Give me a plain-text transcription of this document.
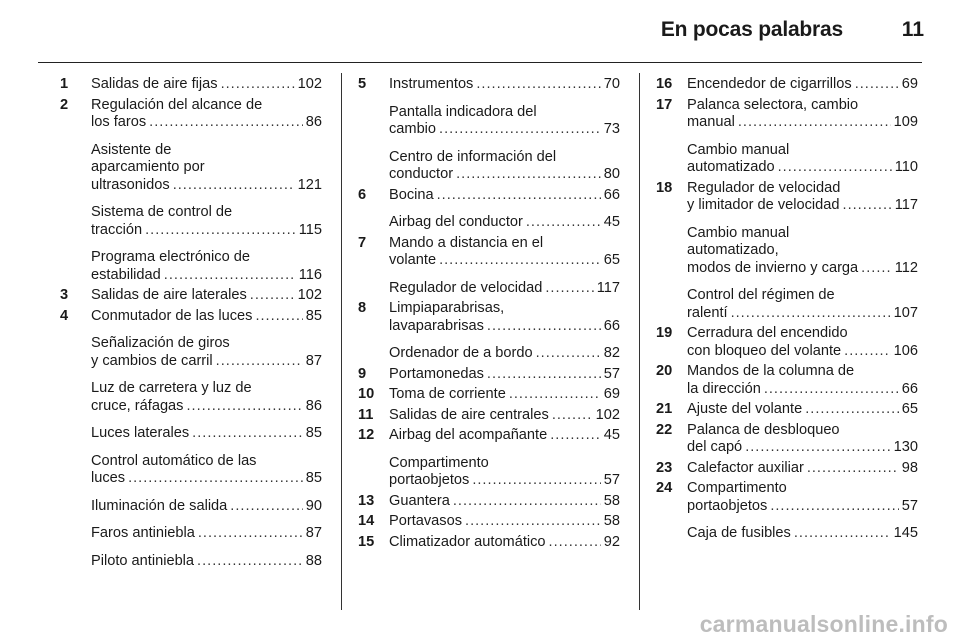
En pocas palabras	11
1 Salidas de aire fijas .....	102
2 Regulación del alcance de
los faros .....	86
Asistente de
aparcamiento por
ultrasonidos .....	121
Sistema de control de
tracción .....	115
Programa electrónico de
estabilidad .....	116
3 Salidas de aire laterales .....	102
4 Conmutador de las luces .....	85
Señalización de giros
y cambios de carril .....	87
Luz de carretera y luz de
cruce, ráfagas .....	86
Luces laterales .....	85
Control automático de las
luces .....	85
Iluminación de salida .....	90
Faros antiniebla .....	87
Piloto antiniebla .....	88
5 Instrumentos .....	70
Pantalla indicadora del
cambio .....	73
Centro de información del
conductor .....	80
6 Bocina .....	66
Airbag del conductor .....	45
7 Mando a distancia en el
volante .....	65
Regulador de velocidad .....	117
8 Limpiaparabrisas,
lavaparabrisas .....	66
Ordenador de a bordo .....	82
9 Portamonedas .....	57
10 Toma de corriente .....	69
11 Salidas de aire centrales .....	102
12 Airbag del acompañante .....	45
Compartimento
portaobjetos .....	57
13 Guantera .....	58
14 Portavasos .....	58
15 Climatizador automático .....	92
16 Encendedor de cigarrillos .....	69
17 Palanca selectora, cambio
manual .....	109
Cambio manual
automatizado .....	110
18 Regulador de velocidad
y limitador de velocidad .....	117
Cambio manual
automatizado,
modos de invierno y carga .....	112
Control del régimen de
ralentí .....	107
19 Cerradura del encendido
con bloqueo del volante .....	106
20 Mandos de la columna de
la dirección .....	66
21 Ajuste del volante .....	65
22 Palanca de desbloqueo
del capó .....	130
23 Calefactor auxiliar .....	98
24 Compartimento
portaobjetos .....	57
Caja de fusibles .....	145
carmanualsonline.info
